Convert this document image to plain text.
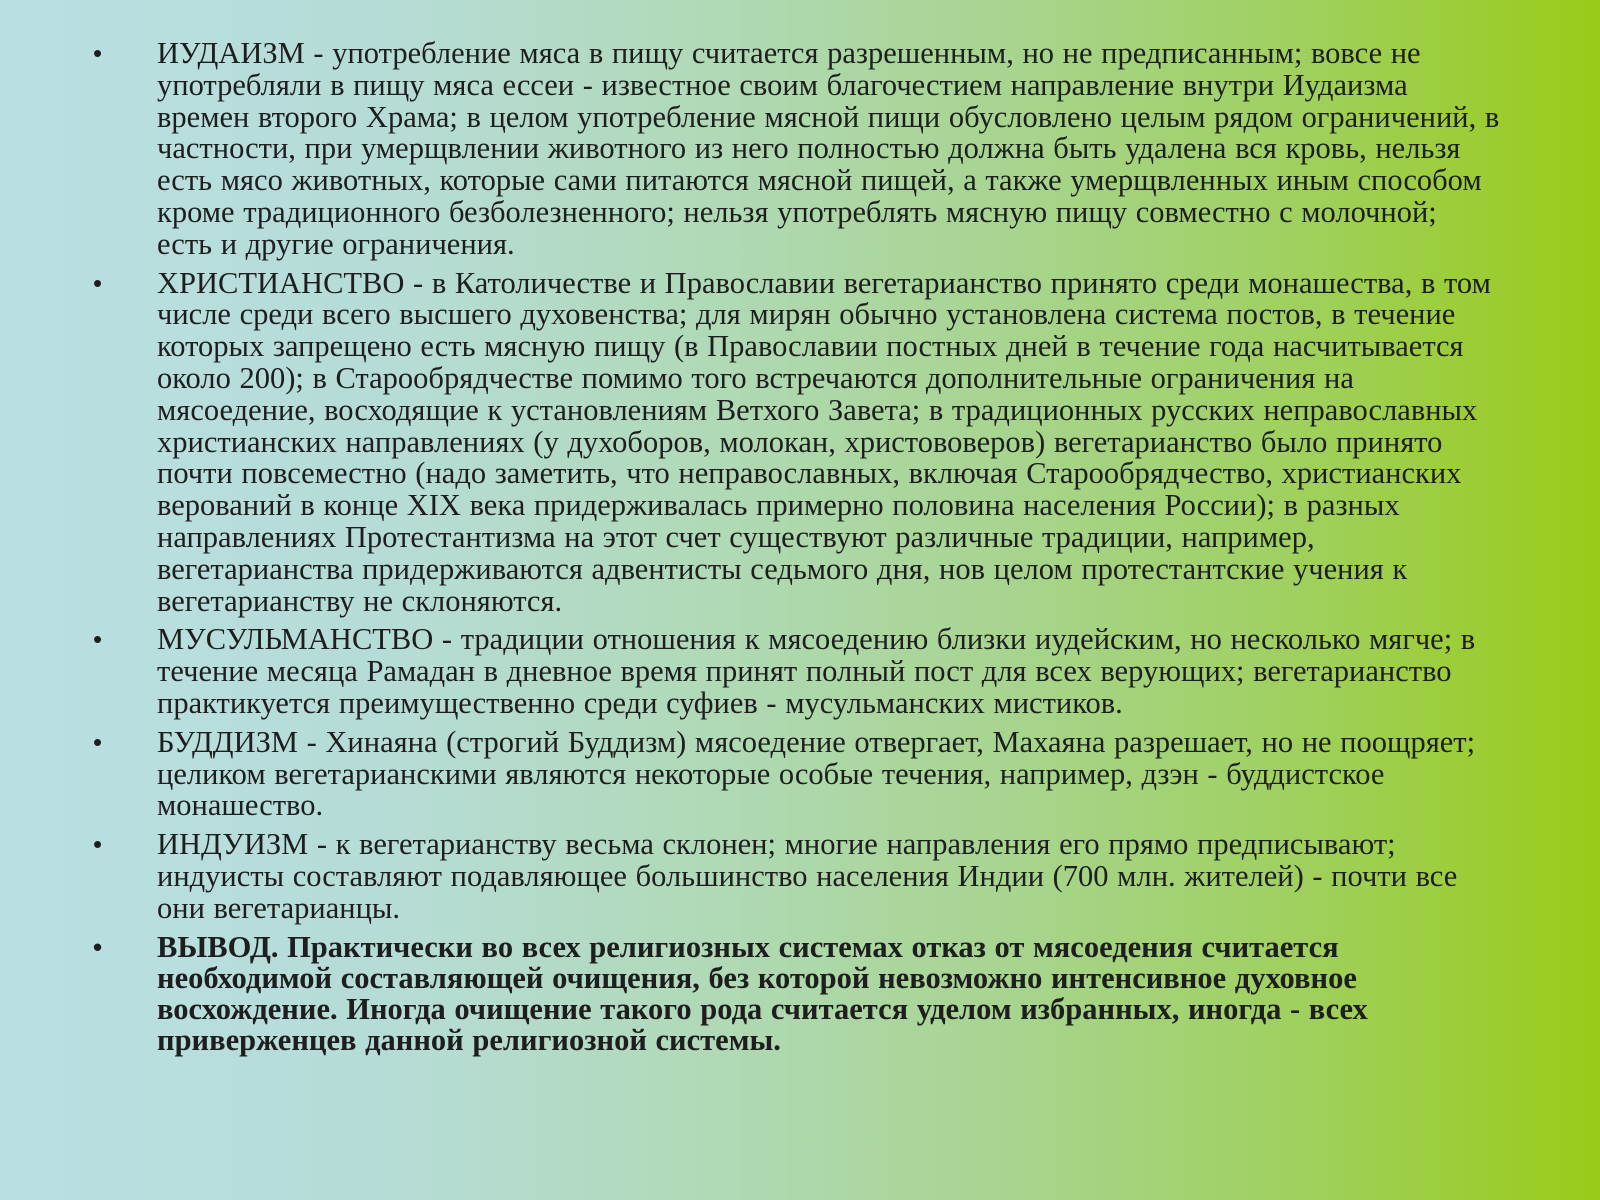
• ИУДАИЗМ - употребление мяса в пищу считается разрешенным, но не предписанным; вовсе не употребляли в пищу мяса ессеи - известное своим благочестием направление внутри Иудаизма времен второго Храма; в целом употребление мясной пищи обусловлено целым рядом ограничений, в частности, при умерщвлении животного из него полностью должна быть удалена вся кровь, нельзя есть мясо животных, которые сами питаются мясной пищей, а также умерщвленных иным способом кроме традиционного безболезненного; нельзя употреблять мясную пищу совместно с молочной; есть и другие ограничения.
• ХРИСТИАНСТВО - в Католичестве и Православии вегетарианство принято среди монашества, в том числе среди всего высшего духовенства; для мирян обычно установлена система постов, в течение которых запрещено есть мясную пищу (в Православии постных дней в течение года насчитывается около 200); в Старообрядчестве помимо того встречаются дополнительные ограничения на мясоедение, восходящие к установлениям Ветхого Завета; в традиционных русских неправославных христианских направлениях (у духоборов, молокан, христововеров) вегетарианство было принято почти повсеместно (надо заметить, что неправославных, включая Старообрядчество, христианских верований в конце XIX века придерживалась примерно половина населения России); в разных направлениях Протестантизма на этот счет существуют различные традиции, например, вегетарианства придерживаются адвентисты седьмого дня, нов целом протестантские учения к вегетарианству не склоняются.
• МУСУЛЬМАНСТВО - традиции отношения к мясоедению близки иудейским, но несколько мягче; в течение месяца Рамадан в дневное время принят полный пост для всех верующих; вегетарианство практикуется преимущественно среди суфиев - мусульманских мистиков.
• БУДДИЗМ - Хинаяна (строгий Буддизм) мясоедение отвергает, Махаяна разрешает, но не поощряет; целиком вегетарианскими являются некоторые особые течения, например, дзэн - буддистское монашество.
• ИНДУИЗМ - к вегетарианству весьма склонен; многие направления его прямо предписывают; индуисты составляют подавляющее большинство населения Индии (700 млн. жителей) - почти все они вегетарианцы.
• ВЫВОД. Практически во всех религиозных системах отказ от мясоедения считается необходимой составляющей очищения, без которой невозможно интенсивное духовное восхождение. Иногда очищение такого рода считается уделом избранных, иногда - всех приверженцев данной религиозной системы.
